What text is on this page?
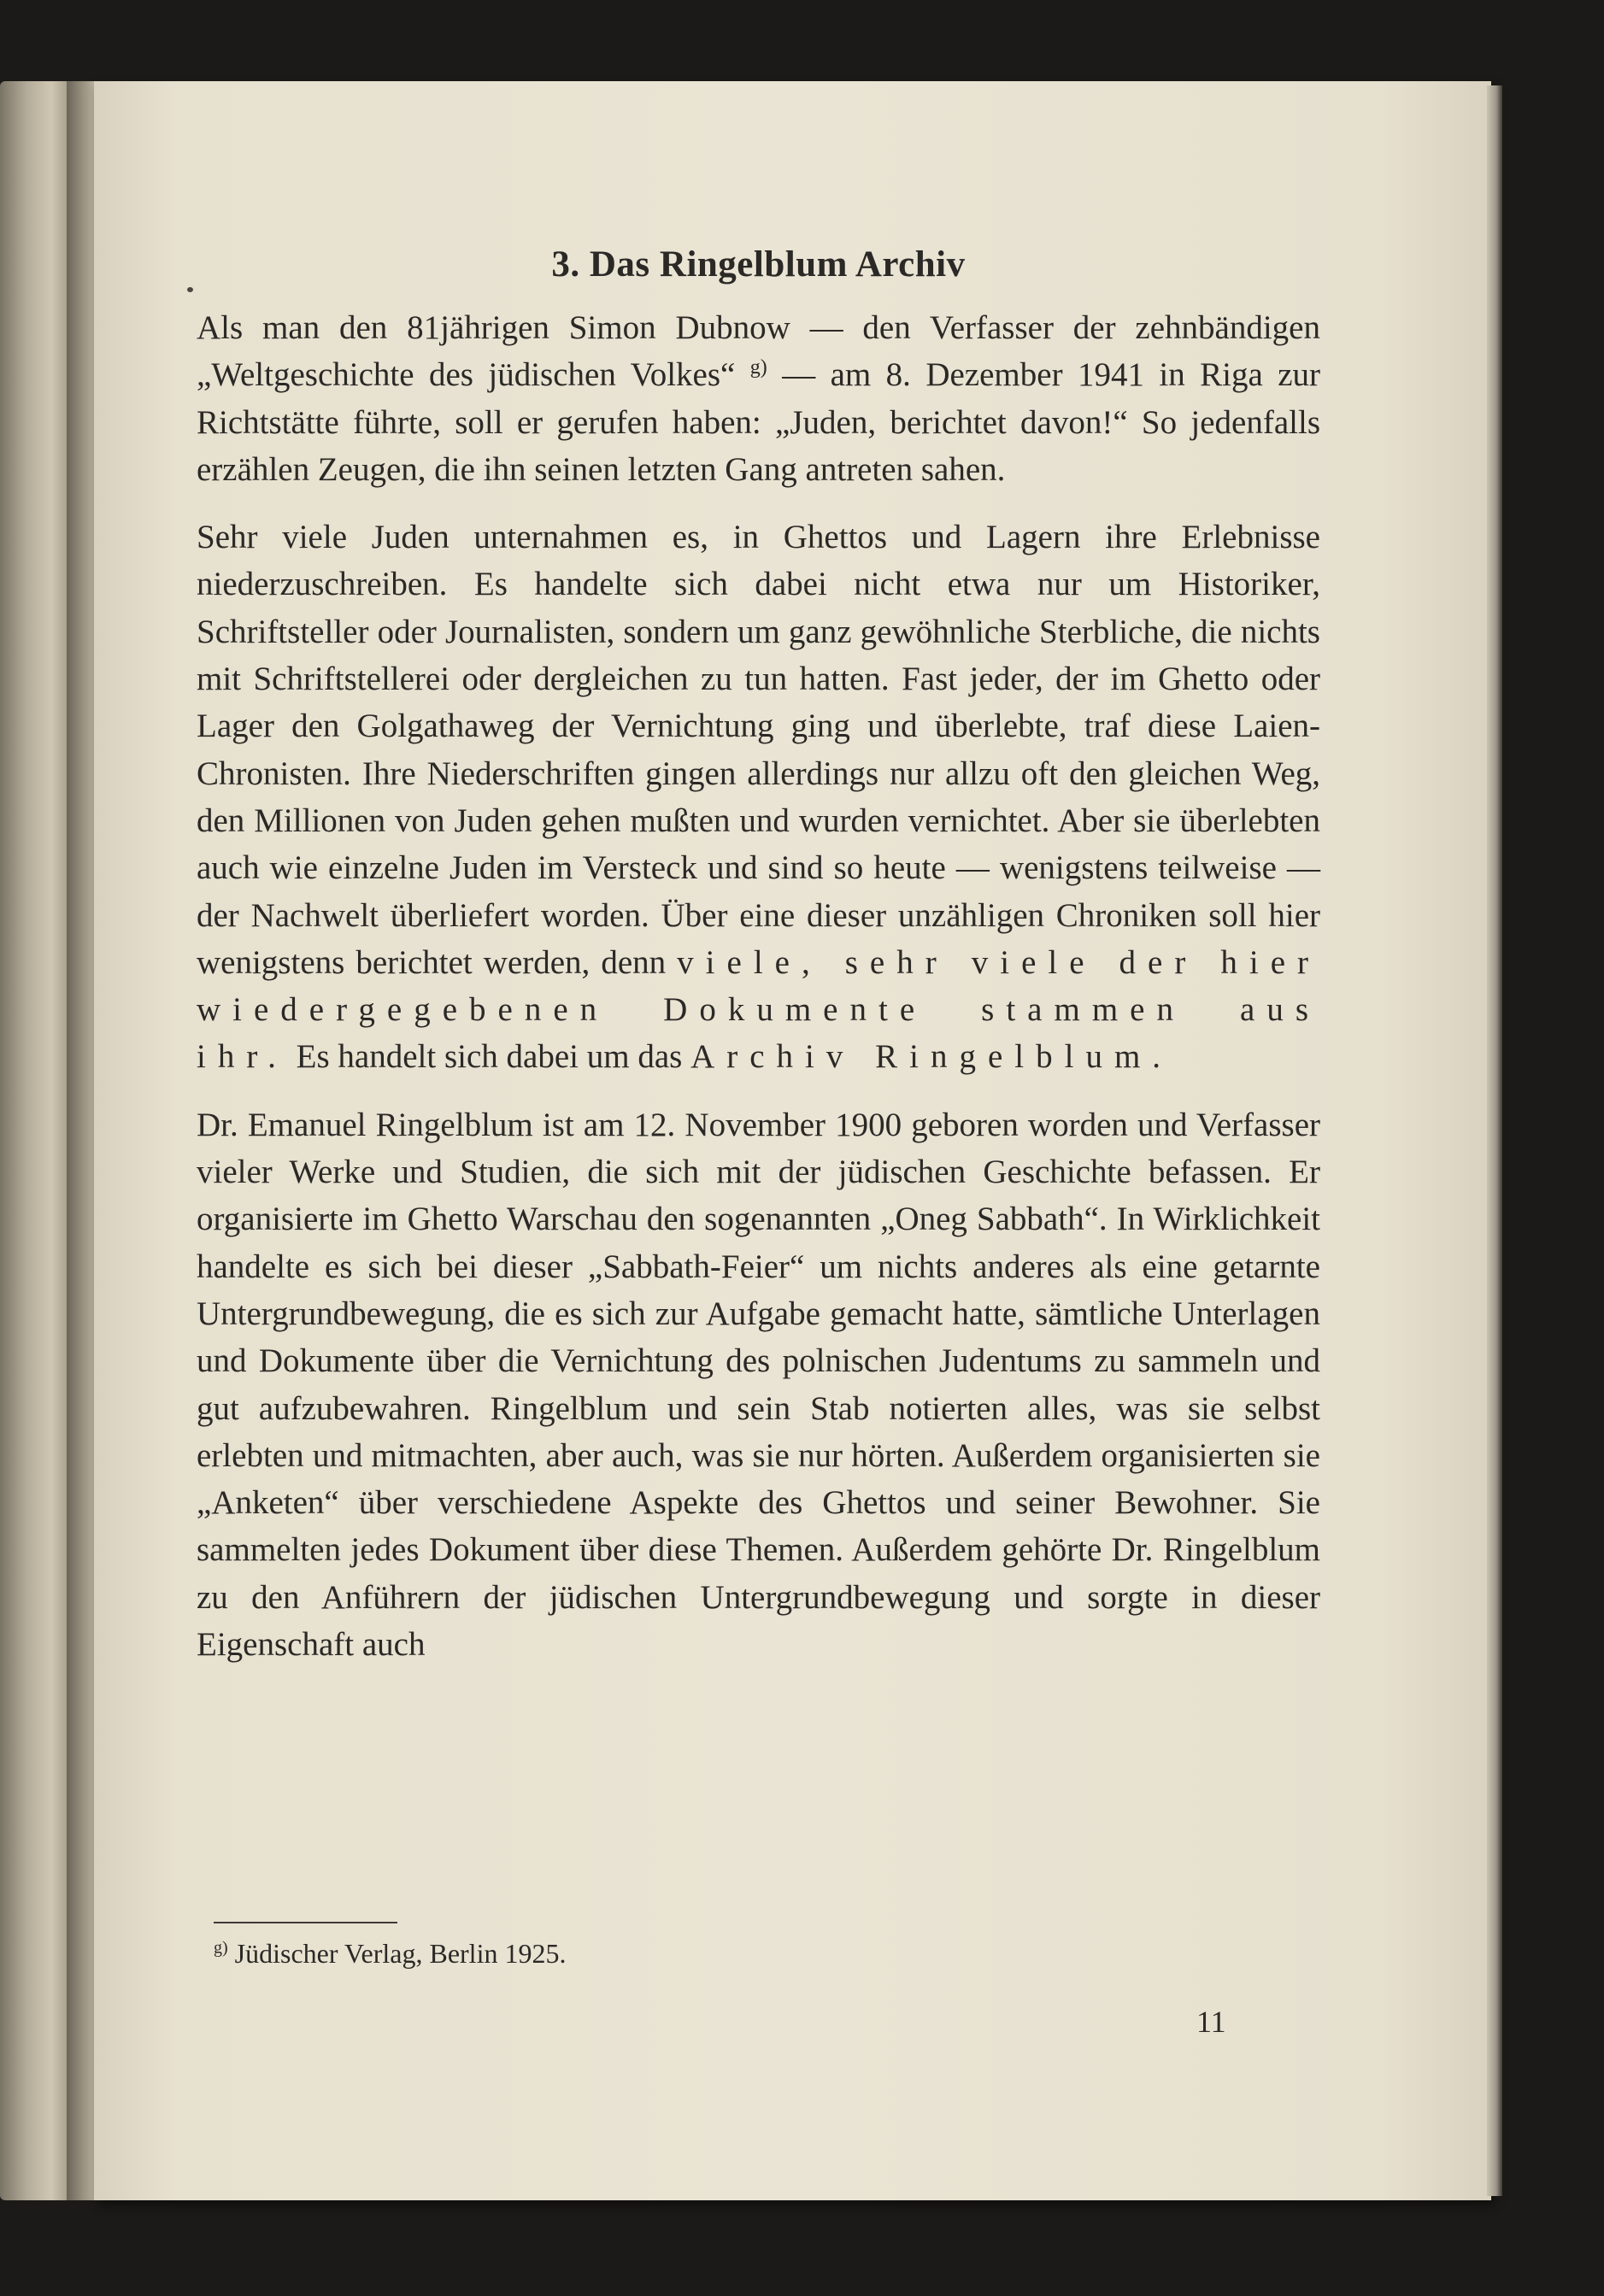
3. Das Ringelblum Archiv

Als man den 81jährigen Simon Dubnow — den Verfasser der zehnbändigen „Weltgeschichte des jüdischen Volkes“ $^{g)}$ — am 8. Dezember 1941 in Riga zur Richtstätte führte, soll er gerufen haben: „Juden, berichtet davon!“ So jedenfalls erzählen Zeugen, die ihn seinen letzten Gang antreten sahen.

Sehr viele Juden unternahmen es, in Ghettos und Lagern ihre Erlebnisse niederzuschreiben. Es handelte sich dabei nicht etwa nur um Historiker, Schriftsteller oder Journalisten, sondern um ganz gewöhnliche Sterbliche, die nichts mit Schriftstellerei oder dergleichen zu tun hatten. Fast jeder, der im Ghetto oder Lager den Golgathaweg der Vernichtung ging und überlebte, traf diese Laien-Chronisten. Ihre Niederschriften gingen allerdings nur allzu oft den gleichen Weg, den Millionen von Juden gehen mußten und wurden vernichtet. Aber sie überlebten auch wie einzelne Juden im Versteck und sind so heute — wenigstens teilweise — der Nachwelt überliefert worden. Über eine dieser unzähligen Chroniken soll hier wenigstens berichtet werden, denn viele, sehr viele der hier wiedergegebenen Dokumente stammen aus ihr. Es handelt sich dabei um das Archiv Ringelblum.

Dr. Emanuel Ringelblum ist am 12. November 1900 geboren worden und Verfasser vieler Werke und Studien, die sich mit der jüdischen Geschichte befassen. Er organisierte im Ghetto Warschau den sogenannten „Oneg Sabbath“. In Wirklichkeit handelte es sich bei dieser „Sabbath-Feier“ um nichts anderes als eine getarnte Untergrundbewegung, die es sich zur Aufgabe gemacht hatte, sämtliche Unterlagen und Dokumente über die Vernichtung des polnischen Judentums zu sammeln und gut aufzubewahren. Ringelblum und sein Stab notierten alles, was sie selbst erlebten und mitmachten, aber auch, was sie nur hörten. Außerdem organisierten sie „Anketen“ über verschiedene Aspekte des Ghettos und seiner Bewohner. Sie sammelten jedes Dokument über diese Themen. Außerdem gehörte Dr. Ringelblum zu den Anführern der jüdischen Untergrundbewegung und sorgte in dieser Eigenschaft auch

$^{g)}$ Jüdischer Verlag, Berlin 1925.
11
